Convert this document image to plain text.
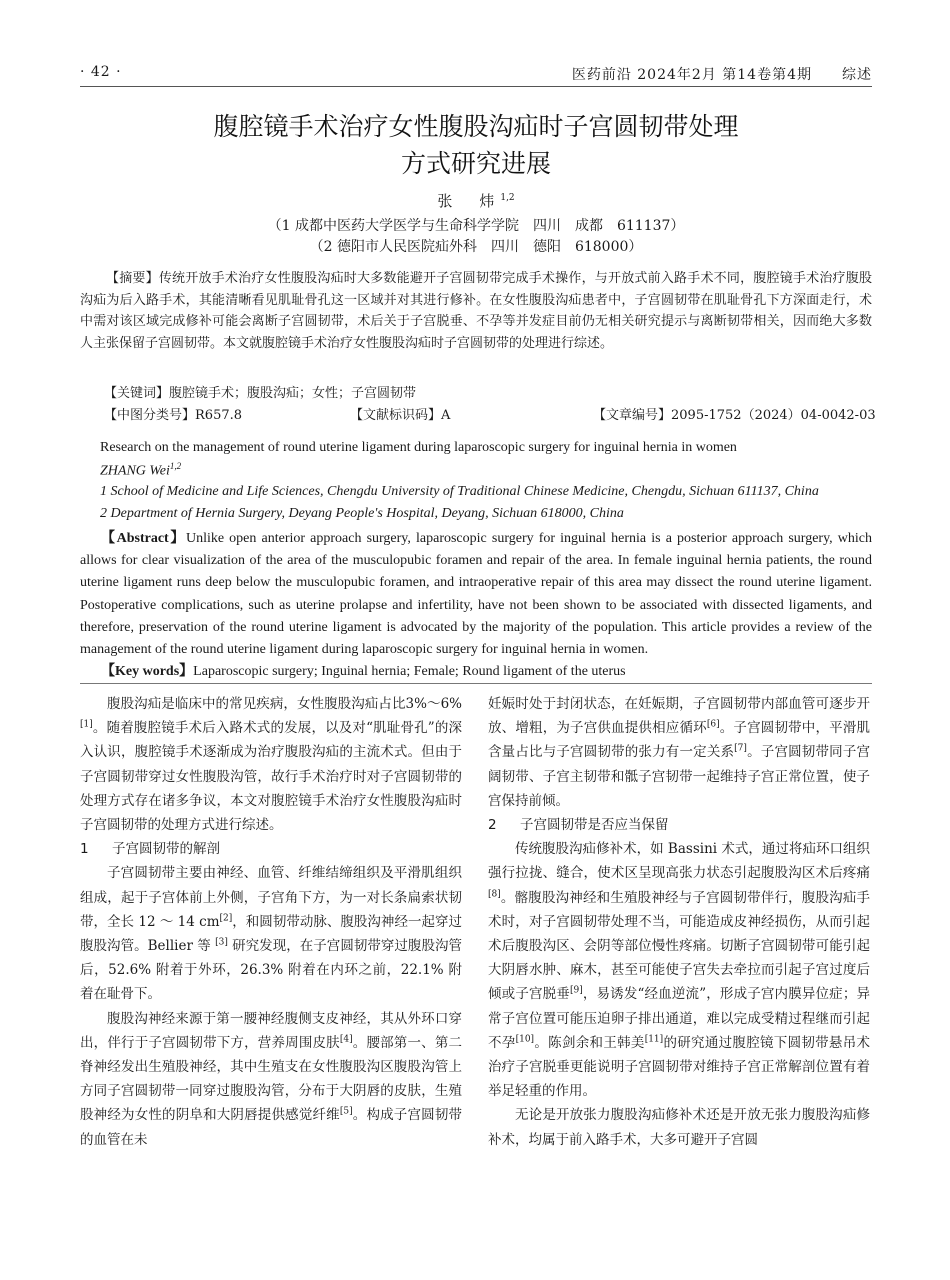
· 42 ·	医药前沿 2024年2月 第14卷第4期 综述
腹腔镜手术治疗女性腹股沟疝时子宫圆韧带处理
方式研究进展
张　炜$^{1,2}$
（1 成都中医药大学医学与生命科学学院　四川　成都　611137）
（2 德阳市人民医院疝外科　四川　德阳　618000）

【摘要】传统开放手术治疗女性腹股沟疝时大多数能避开子宫圆韧带完成手术操作，与开放式前入路手术不同，腹腔镜手术治疗腹股沟疝为后入路手术，其能清晰看见肌耻骨孔这一区域并对其进行修补。在女性腹股沟疝患者中，子宫圆韧带在肌耻骨孔下方深面走行，术中需对该区域完成修补可能会离断子宫圆韧带，术后关于子宫脱垂、不孕等并发症目前仍无相关研究提示与离断韧带相关，因而绝大多数人主张保留子宫圆韧带。本文就腹腔镜手术治疗女性腹股沟疝时子宫圆韧带的处理进行综述。

【关键词】腹腔镜手术；腹股沟疝；女性；子宫圆韧带
【中图分类号】R657.8	【文献标识码】A	【文章编号】2095-1752（2024）04-0042-03
Research on the management of round uterine ligament during laparoscopic surgery for inguinal hernia in women
ZHANG Wei$^{1,2}$
1 School of Medicine and Life Sciences, Chengdu University of Traditional Chinese Medicine, Chengdu, Sichuan 611137, China
2 Department of Hernia Surgery, Deyang People's Hospital, Deyang, Sichuan 618000, China

【Abstract】Unlike open anterior approach surgery, laparoscopic surgery for inguinal hernia is a posterior approach surgery, which allows for clear visualization of the area of the musculopubic foramen and repair of the area. In female inguinal hernia patients, the round uterine ligament runs deep below the musculopubic foramen, and intraoperative repair of this area may dissect the round uterine ligament. Postoperative complications, such as uterine prolapse and infertility, have not been shown to be associated with dissected ligaments, and therefore, preservation of the round uterine ligament is advocated by the majority of the population. This article provides a review of the management of the round uterine ligament during laparoscopic surgery for inguinal hernia in women.

【Key words】Laparoscopic surgery; Inguinal hernia; Female; Round ligament of the uterus

腹股沟疝是临床中的常见疾病，女性腹股沟疝占比3%～6%[1]。随着腹腔镜手术后入路术式的发展，以及对“肌耻骨孔”的深入认识，腹腔镜手术逐渐成为治疗腹股沟疝的主流术式。但由于子宫圆韧带穿过女性腹股沟管，故行手术治疗时对子宫圆韧带的处理方式存在诸多争议，本文对腹腔镜手术治疗女性腹股沟疝时子宫圆韧带的处理方式进行综述。

1 子宫圆韧带的解剖

子宫圆韧带主要由神经、血管、纤维结缔组织及平滑肌组织组成，起于子宫体前上外侧，子宫角下方，为一对长条扁索状韧带，全长 12 ～ 14 cm[2]，和圆韧带动脉、腹股沟神经一起穿过腹股沟管。Bellier 等 [3] 研究发现，在子宫圆韧带穿过腹股沟管后，52.6% 附着于外环，26.3% 附着在内环之前，22.1% 附着在耻骨下。

腹股沟神经来源于第一腰神经腹侧支皮神经，其从外环口穿出，伴行于子宫圆韧带下方，营养周围皮肤[4]。腰部第一、第二脊神经发出生殖股神经，其中生殖支在女性腹股沟区腹股沟管上方同子宫圆韧带一同穿过腹股沟管，分布于大阴唇的皮肤，生殖股神经为女性的阴阜和大阴唇提供感觉纤维[5]。构成子宫圆韧带的血管在未

妊娠时处于封闭状态，在妊娠期，子宫圆韧带内部血管可逐步开放、增粗，为子宫供血提供相应循环[6]。子宫圆韧带中，平滑肌含量占比与子宫圆韧带的张力有一定关系[7]。子宫圆韧带同子宫阔韧带、子宫主韧带和骶子宫韧带一起维持子宫正常位置，使子宫保持前倾。

2 子宫圆韧带是否应当保留

传统腹股沟疝修补术，如 Bassini 术式，通过将疝环口组织强行拉拢、缝合，使术区呈现高张力状态引起腹股沟区术后疼痛[8]。髂腹股沟神经和生殖股神经与子宫圆韧带伴行，腹股沟疝手术时，对子宫圆韧带处理不当，可能造成皮神经损伤，从而引起术后腹股沟区、会阴等部位慢性疼痛。切断子宫圆韧带可能引起大阴唇水肿、麻木，甚至可能使子宫失去牵拉而引起子宫过度后倾或子宫脱垂[9]，易诱发“经血逆流”，形成子宫内膜异位症；异常子宫位置可能压迫卵子排出通道，难以完成受精过程继而引起不孕[10]。陈剑余和王韩美[11]的研究通过腹腔镜下圆韧带悬吊术治疗子宫脱垂更能说明子宫圆韧带对维持子宫正常解剖位置有着举足轻重的作用。

无论是开放张力腹股沟疝修补术还是开放无张力腹股沟疝修补术，均属于前入路手术，大多可避开子宫圆
